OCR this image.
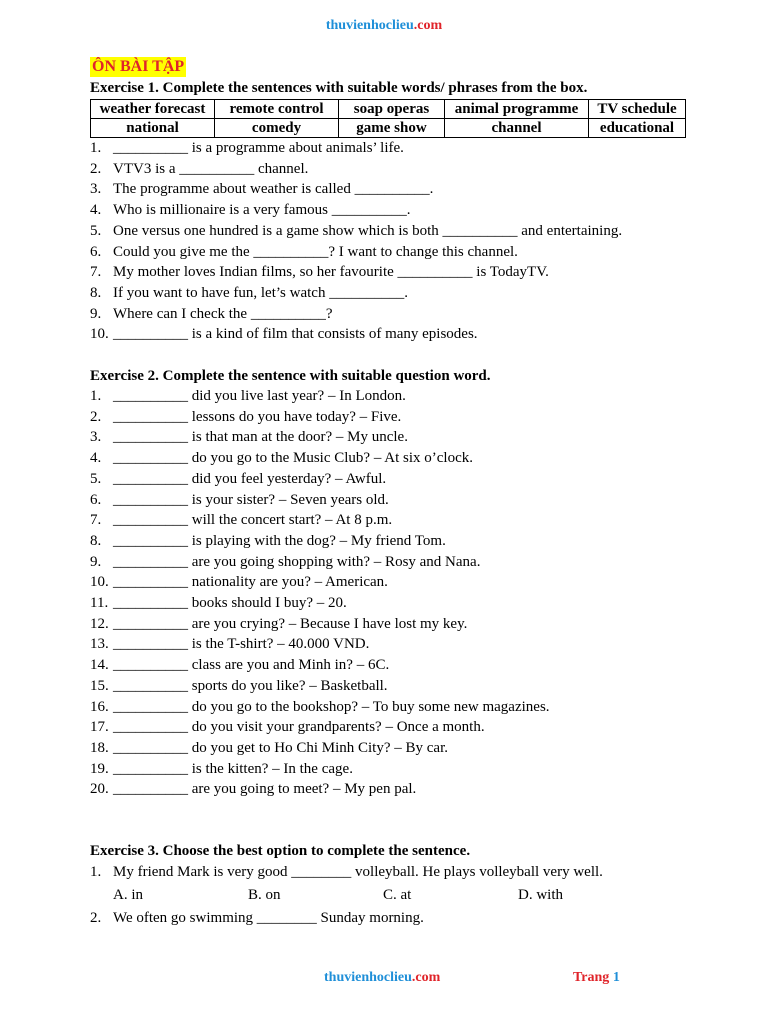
thuvienhoclieu.com
ÔN BÀI TẬP

Exercise 1. Complete the sentences with suitable words/ phrases from the box.

weather forecast	remote control	soap operas	animal programme	TV schedule
national	comedy	game show	channel	educational
1. __________ is a programme about animals’ life.
2. VTV3 is a __________ channel.
3. The programme about weather is called __________.
4. Who is millionaire is a very famous __________.
5. One versus one hundred is a game show which is both __________ and entertaining.
6. Could you give me the __________? I want to change this channel.
7. My mother loves Indian films, so her favourite __________ is TodayTV.
8. If you want to have fun, let’s watch __________.
9. Where can I check the __________?
10. __________ is a kind of film that consists of many episodes.

Exercise 2. Complete the sentence with suitable question word.

1. __________ did you live last year? – In London.
2. __________ lessons do you have today? – Five.
3. __________ is that man at the door? – My uncle.
4. __________ do you go to the Music Club? – At six o’clock.
5. __________ did you feel yesterday? – Awful.
6. __________ is your sister? – Seven years old.
7. __________ will the concert start? – At 8 p.m.
8. __________ is playing with the dog? – My friend Tom.
9. __________ are you going shopping with? – Rosy and Nana.
10. __________ nationality are you? – American.
11. __________ books should I buy? – 20.
12. __________ are you crying? – Because I have lost my key.
13. __________ is the T-shirt? – 40.000 VND.
14. __________ class are you and Minh in? – 6C.
15. __________ sports do you like? – Basketball.
16. __________ do you go to the bookshop? – To buy some new magazines.
17. __________ do you visit your grandparents? – Once a month.
18. __________ do you get to Ho Chi Minh City? – By car.
19. __________ is the kitten? – In the cage.
20. __________ are you going to meet? – My pen pal.

Exercise 3. Choose the best option to complete the sentence.

1. My friend Mark is very good ________ volleyball. He plays volleyball very well.
A. in	B. on	C. at	D. with
2. We often go swimming ________ Sunday morning.
thuvienhoclieu.com	Trang 1
